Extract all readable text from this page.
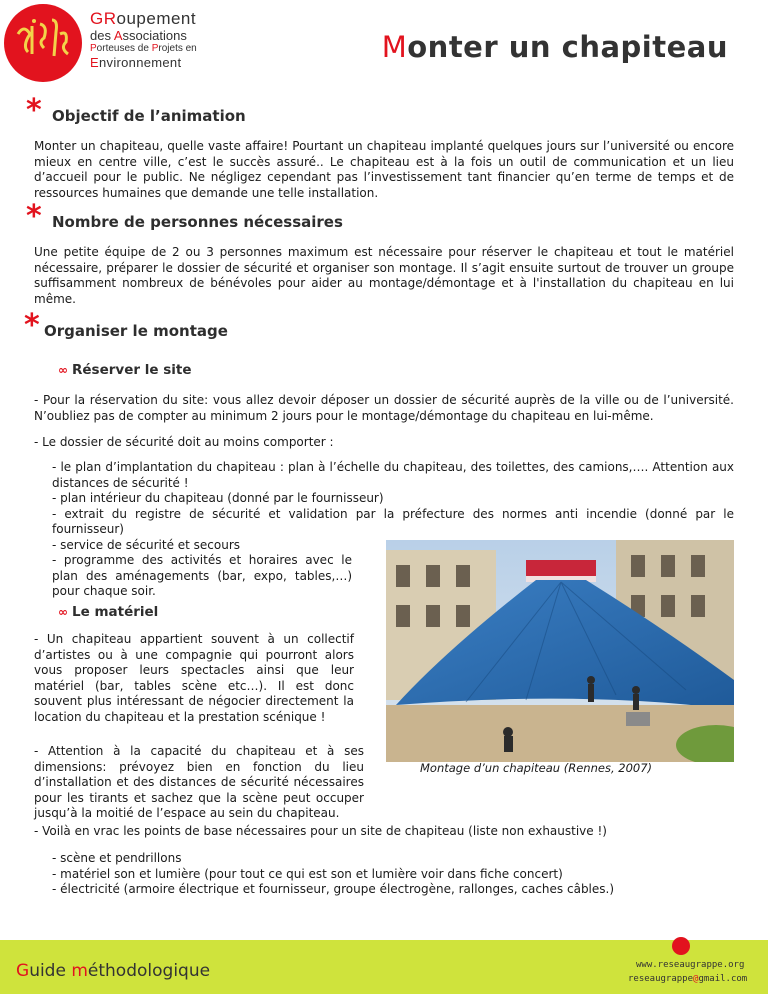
GRoupement
des Associations
Porteuses de Projets en
Environnement	Monter un chapiteau
* Objectif de l’animation
Monter un chapiteau, quelle vaste affaire! Pourtant un chapiteau implanté quelques jours sur l’université ou encore mieux en centre ville, c’est le succès assuré.. Le chapiteau est à la fois un outil de communication et un lieu d’accueil pour le public. Ne négligez cependant pas l’investissement tant financier qu’en terme de temps et de ressources humaines que demande une telle installation.
* Nombre de personnes nécessaires
Une petite équipe de 2 ou 3 personnes maximum est nécessaire pour réserver le chapiteau et tout le matériel nécessaire, préparer le dossier de sécurité et organiser son montage. Il s’agit ensuite surtout de trouver un groupe suffisamment nombreux de bénévoles pour aider au montage/démontage et à l'installation du chapiteau en lui même.
* Organiser le montage
∞ Réserver le site
- Pour la réservation du site: vous allez devoir déposer un dossier de sécurité auprès de la ville ou de l’université. N’oubliez pas de compter au minimum 2 jours pour le montage/démontage du chapiteau en lui-même.
- Le dossier de sécurité doit au moins comporter :
- le plan d’implantation du chapiteau : plan à l’échelle du chapiteau, des toilettes, des camions,…. Attention aux distances de sécurité !
- plan intérieur du chapiteau (donné par le fournisseur)
- extrait du registre de sécurité et validation par la préfecture des normes anti incendie (donné par le fournisseur)
- service de sécurité et secours
- programme des activités et horaires avec le plan des aménagements (bar, expo, tables,…) pour chaque soir.
∞ Le matériel
- Un chapiteau appartient souvent à un collectif d’artistes ou à une compagnie qui pourront alors vous proposer leurs spectacles ainsi que leur matériel (bar, tables scène etc…). Il est donc souvent plus intéressant de négocier directement la location du chapiteau et la prestation scénique !
- Attention à la capacité du chapiteau et à ses dimensions: prévoyez bien en fonction du lieu d’installation et des distances de sécurité nécessaires pour les tirants et sachez que la scène peut occuper jusqu’à la moitié de l’espace au sein du chapiteau.
- Voilà en vrac les points de base nécessaires pour un site de chapiteau (liste non exhaustive !)
- scène et pendrillons
- matériel son et lumière (pour tout ce qui est son et lumière voir dans fiche concert)
- électricité (armoire électrique et fournisseur, groupe électrogène, rallonges, caches câbles.)
Montage d’un chapiteau (Rennes, 2007)
Guide méthodologique	www.reseaugrappe.org
reseaugrappe@gmail.com
